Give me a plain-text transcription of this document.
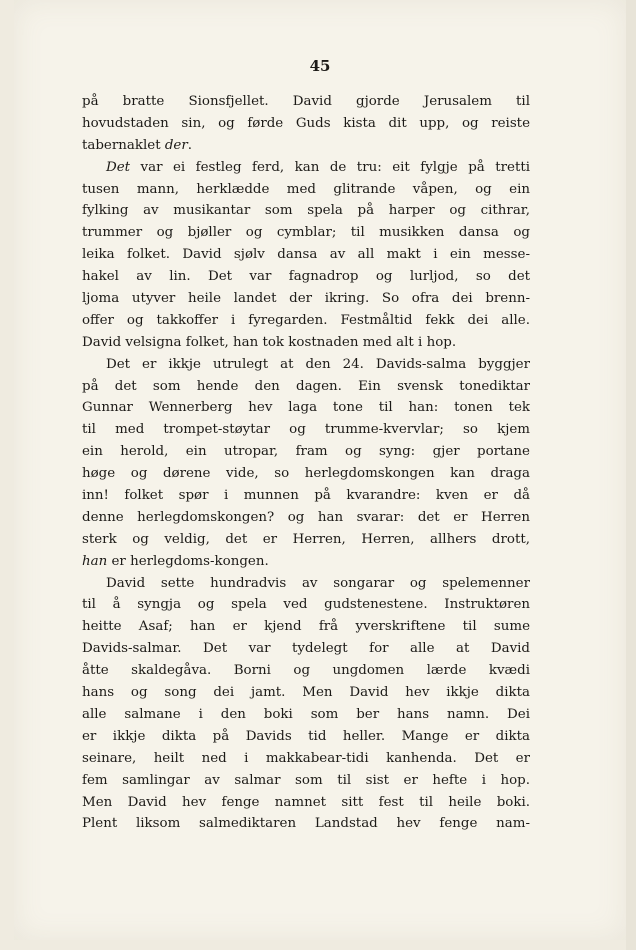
45
på bratte Sionsfjellet. David gjorde Jerusalem til
hovudstaden sin, og førde Guds kista dit upp, og reiste
tabernaklet der.
Det var ei festleg ferd, kan de tru: eit fylgje på tretti
tusen mann, herklædde med glitrande våpen, og ein
fylking av musikantar som spela på harper og cithrar,
trummer og bjøller og cymblar; til musikken dansa og
leika folket. David sjølv dansa av all makt i ein messe-
hakel av lin. Det var fagnadrop og lurljod, so det
ljoma utyver heile landet der ikring. So ofra dei brenn-
offer og takkoffer i fyregarden. Festmåltid fekk dei alle.
David velsigna folket, han tok kostnaden med alt i hop.
Det er ikkje utrulegt at den 24. Davids-salma byggjer
på det som hende den dagen. Ein svensk tonediktar
Gunnar Wennerberg hev laga tone til han: tonen tek
til med trompet-støytar og trumme-kvervlar; so kjem
ein herold, ein utropar, fram og syng: gjer portane
høge og dørene vide, so herlegdomskongen kan draga
inn! folket spør i munnen på kvarandre: kven er då
denne herlegdomskongen? og han svarar: det er Herren
sterk og veldig, det er Herren, Herren, allhers drott,
han er herlegdoms-kongen.
David sette hundradvis av songarar og spelemenner
til å syngja og spela ved gudstenestene. Instruktøren
heitte Asaf; han er kjend frå yverskriftene til sume
Davids-salmar. Det var tydelegt for alle at David
åtte skaldegåva. Borni og ungdomen lærde kvædi
hans og song dei jamt. Men David hev ikkje dikta
alle salmane i den boki som ber hans namn. Dei
er ikkje dikta på Davids tid heller. Mange er dikta
seinare, heilt ned i makkabear-tidi kanhenda. Det er
fem samlingar av salmar som til sist er hefte i hop.
Men David hev fenge namnet sitt fest til heile boki.
Plent liksom salmediktaren Landstad hev fenge nam-
